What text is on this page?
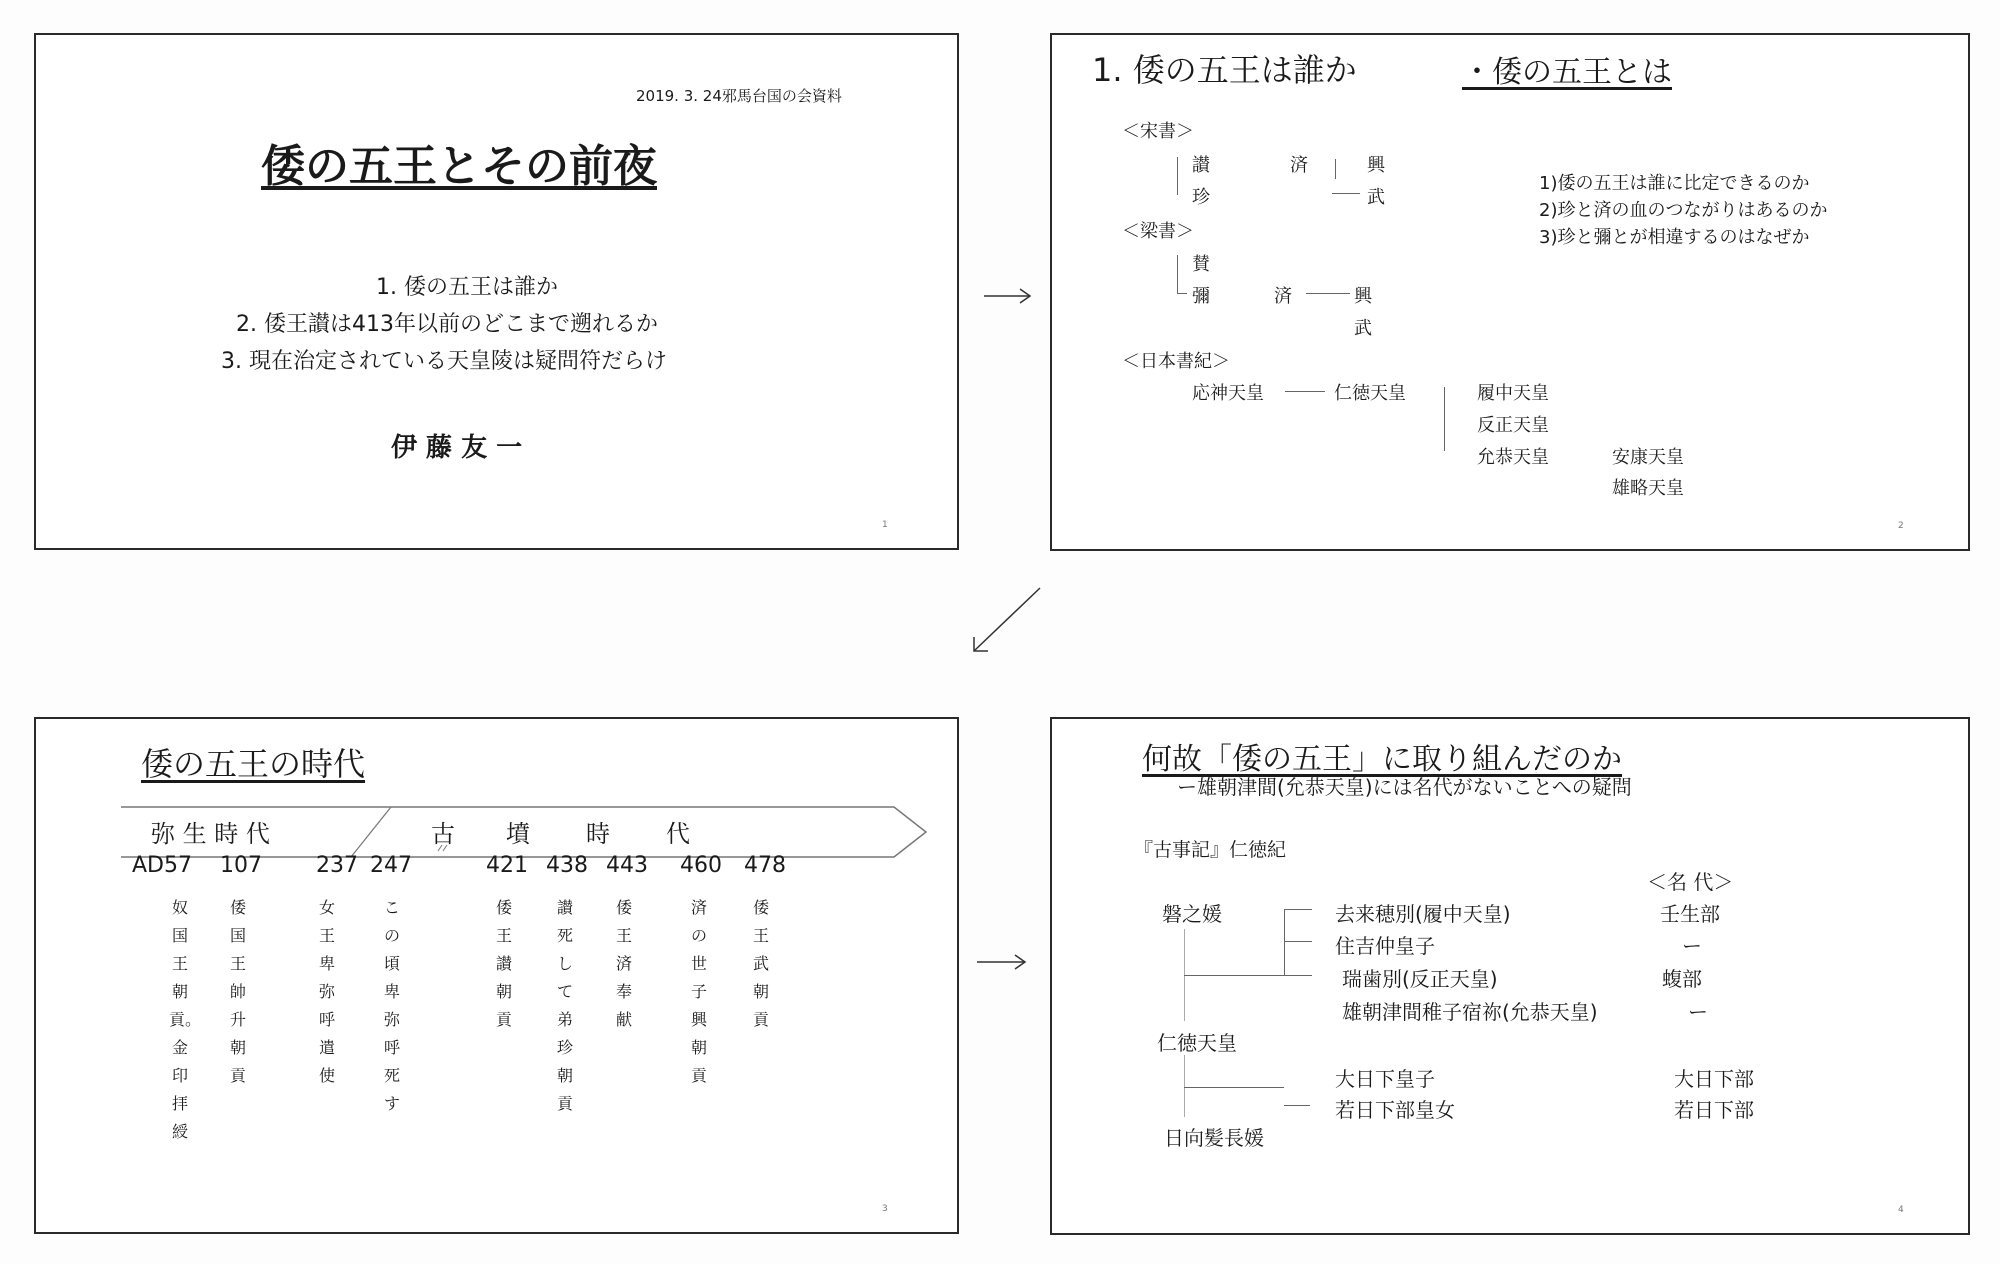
2019. 3. 24邪馬台国の会資料
倭の五王とその前夜
1. 倭の五王は誰か
2. 倭王讃は413年以前のどこまで遡れるか
3. 現在治定されている天皇陵は疑問符だらけ
伊 藤 友 一
1
1. 倭の五王は誰か	・倭の五王とは
＜宋書＞
讃	済	興
珍	武
＜梁書＞
賛
彌	済	興
武
＜日本書紀＞
応神天皇	仁徳天皇	履中天皇
反正天皇
允恭天皇	安康天皇
雄略天皇
1)倭の五王は誰に比定できるのか
2)珍と済の血のつながりはあるのか
3)珍と彌とが相違するのはなぜか
2
倭の五王の時代
弥 生 時 代	古 墳 時 代
AD57 107 237 247	421 438 443 460 478
奴国王朝貢。金印拝綬
倭国王帥升朝貢
女王卑弥呼遣使
この頃卑弥呼死す
倭王讃朝貢
讃死して弟珍朝貢
倭王済奉献
済の世子興朝貢
倭王武朝貢
3
何故「倭の五王」に取り組んだのか
ー雄朝津間(允恭天皇)には名代がないことへの疑問
『古事記』仁徳紀
＜名 代＞
磐之媛
仁徳天皇
日向髪長媛
去来穂別(履中天皇)	壬生部
住吉仲皇子	ー
瑞歯別(反正天皇)	蝮部
雄朝津間稚子宿祢(允恭天皇)	ー
大日下皇子	大日下部
若日下部皇女	若日下部
4
